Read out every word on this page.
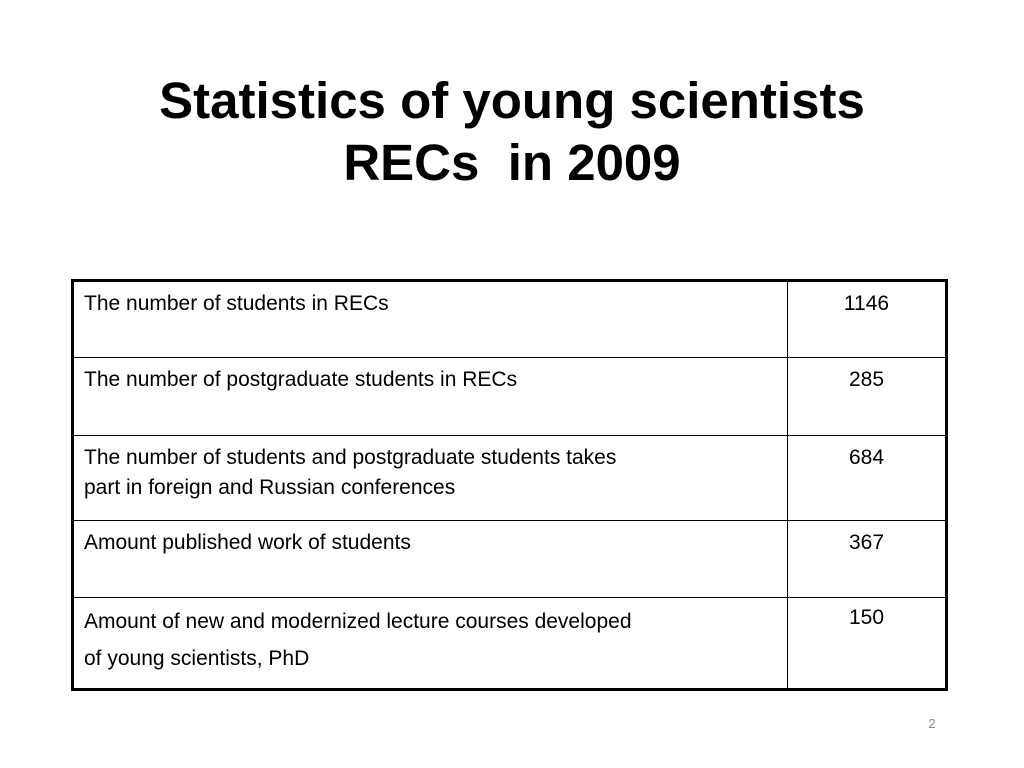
Statistics of young scientists
RECs  in 2009
The number of students in RECs	1146

The number of postgraduate students in RECs	285

The number of students and postgraduate students takes
part in foreign and Russian conferences	684

Amount published work of students	367

Amount of new and modernized lecture courses developed
of young scientists, PhD	150
2
